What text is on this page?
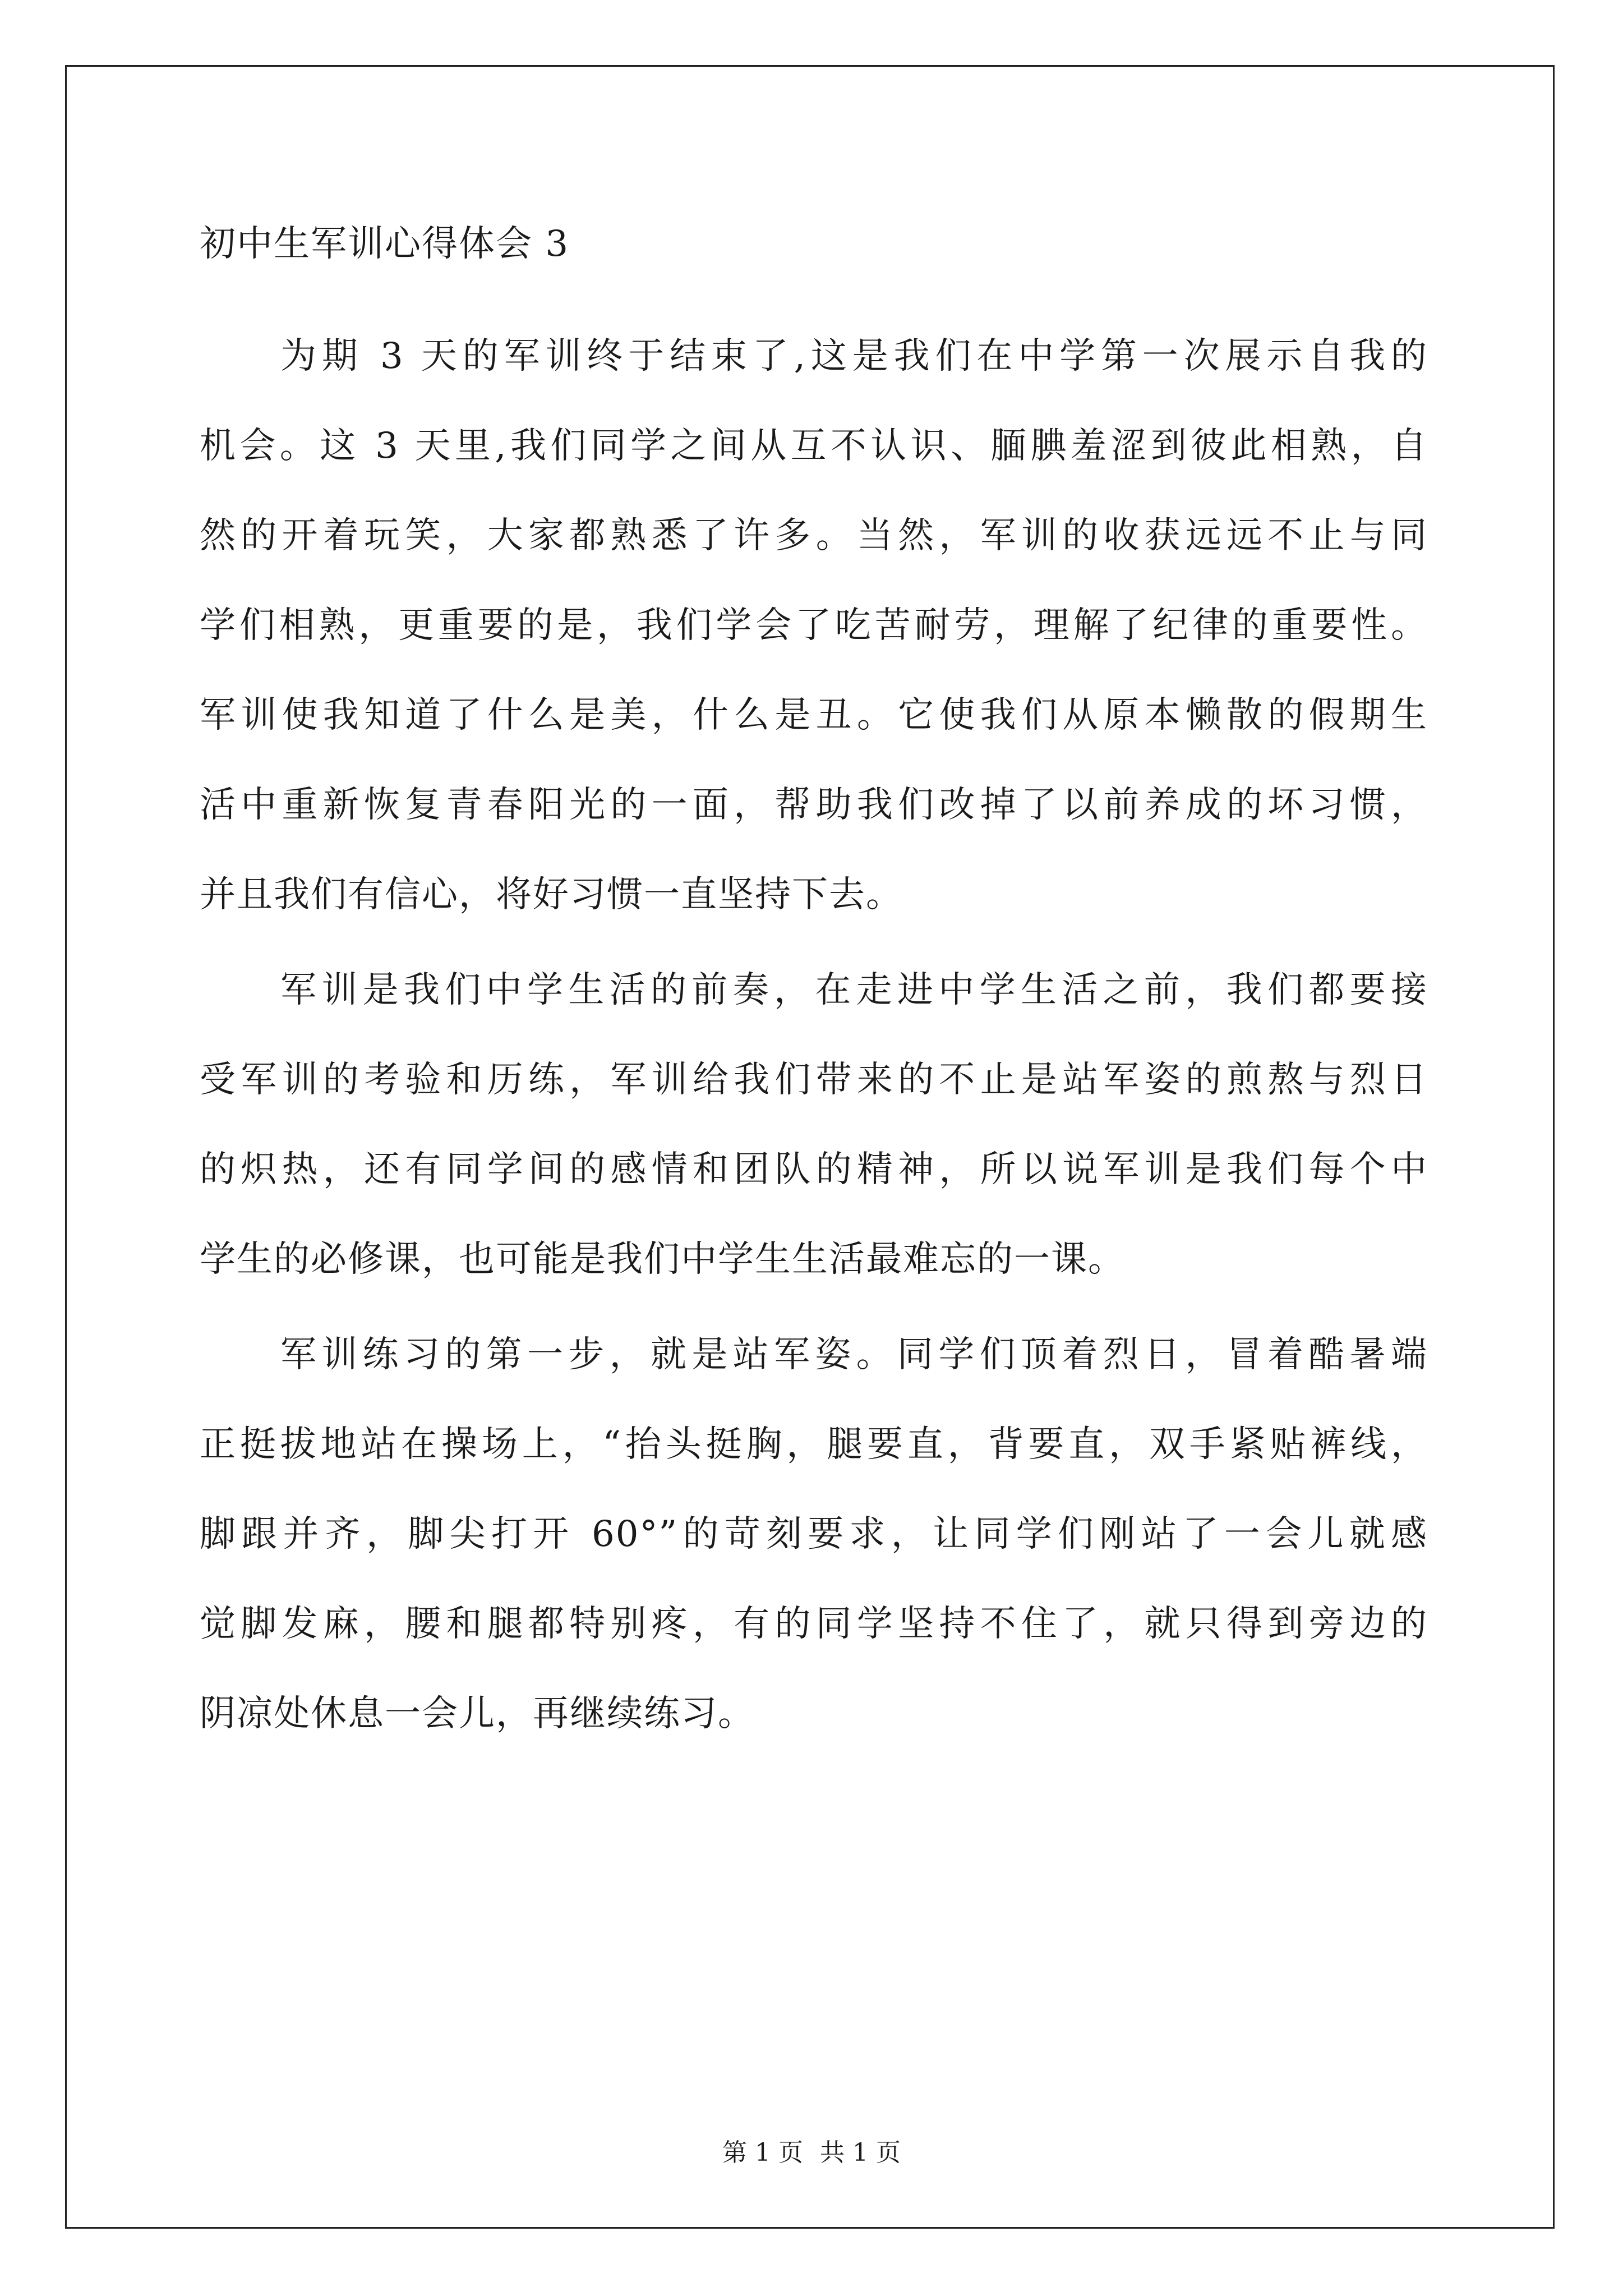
初中生军训心得体会 3
为期 3 天的军训终于结束了,这是我们在中学第一次展示自我的
机会。这 3 天里,我们同学之间从互不认识、腼腆羞涩到彼此相熟，自
然的开着玩笑，大家都熟悉了许多。当然，军训的收获远远不止与同
学们相熟，更重要的是，我们学会了吃苦耐劳，理解了纪律的重要性。
军训使我知道了什么是美，什么是丑。它使我们从原本懒散的假期生
活中重新恢复青春阳光的一面，帮助我们改掉了以前养成的坏习惯，
并且我们有信心，将好习惯一直坚持下去。
军训是我们中学生活的前奏，在走进中学生活之前，我们都要接
受军训的考验和历练，军训给我们带来的不止是站军姿的煎熬与烈日
的炽热，还有同学间的感情和团队的精神，所以说军训是我们每个中
学生的必修课，也可能是我们中学生生活最难忘的一课。
军训练习的第一步，就是站军姿。同学们顶着烈日，冒着酷暑端
正挺拔地站在操场上，“抬头挺胸，腿要直，背要直，双手紧贴裤线，
脚跟并齐，脚尖打开 60°”的苛刻要求，让同学们刚站了一会儿就感
觉脚发麻，腰和腿都特别疼，有的同学坚持不住了，就只得到旁边的
阴凉处休息一会儿，再继续练习。
第 1 页 共 1 页
